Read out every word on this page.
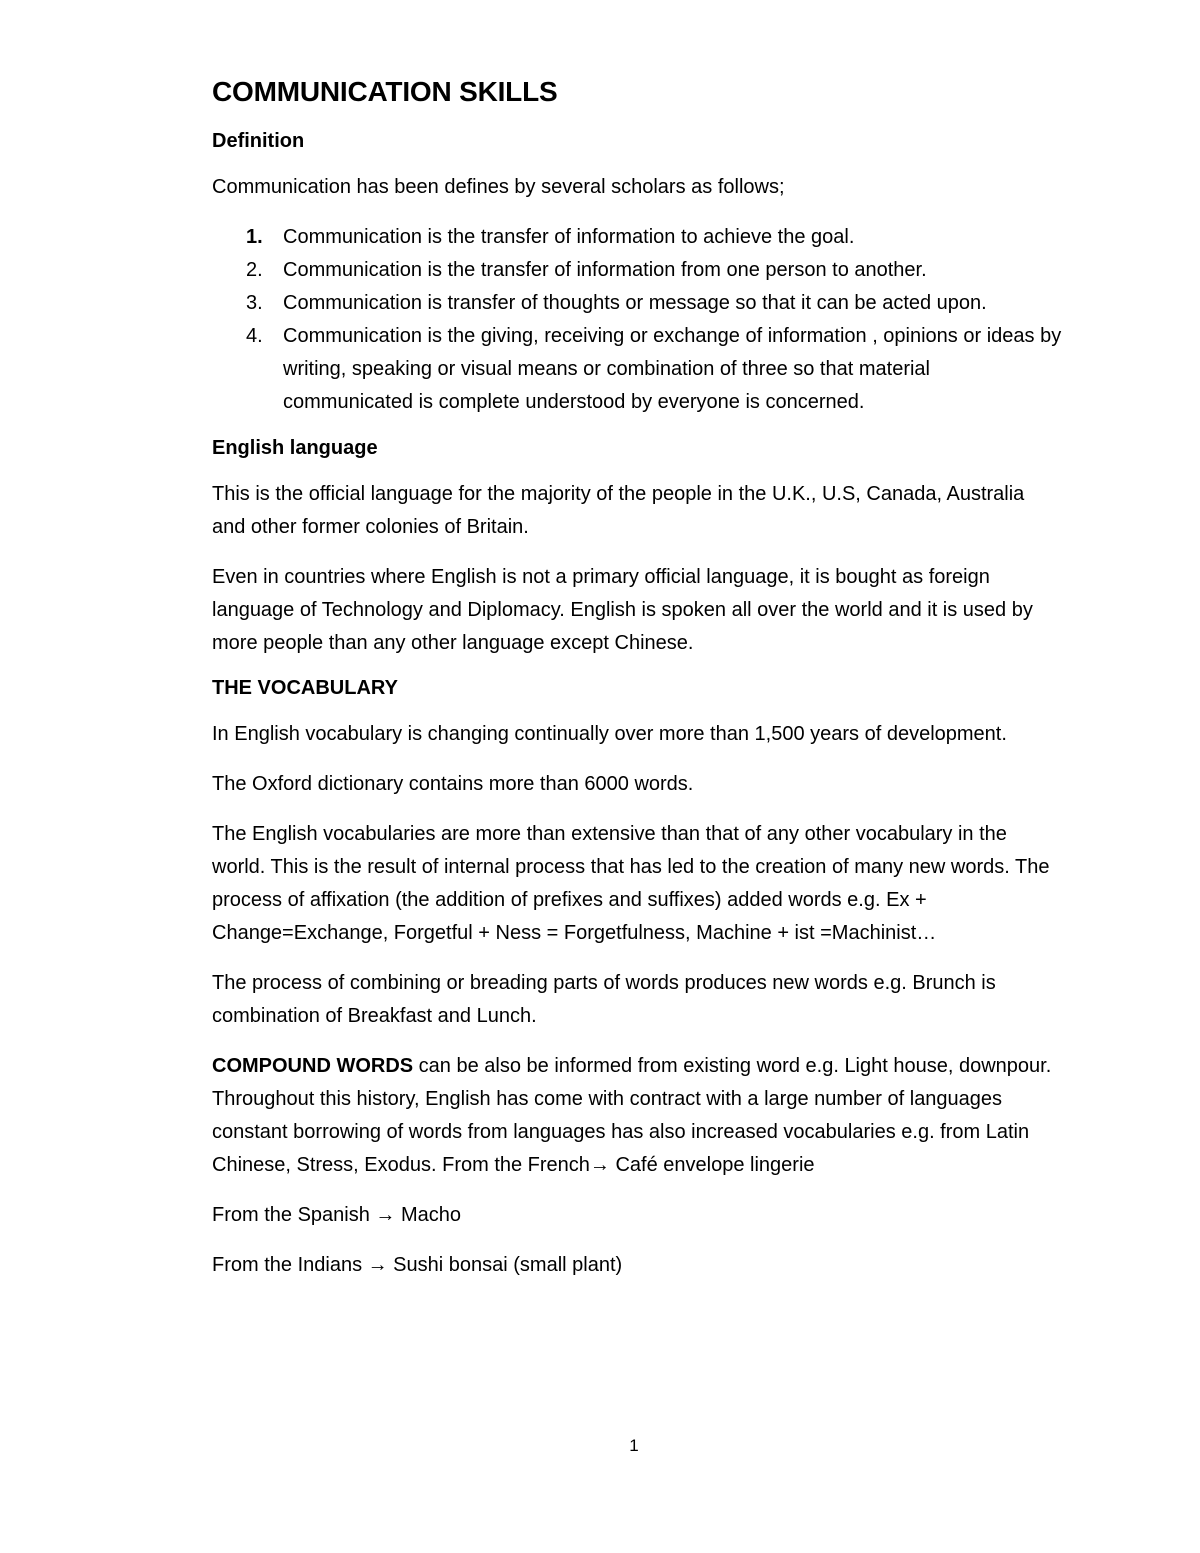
COMMUNICATION SKILLS
Definition
Communication has been defines by several scholars as follows;
1. Communication is the transfer of information to achieve the goal.
2. Communication is the transfer of information from one person to another.
3. Communication is transfer of thoughts or message so that it can be acted upon.
4. Communication is the giving, receiving or exchange of information , opinions or ideas by writing, speaking or visual means or combination of three so that material communicated is complete understood by everyone is concerned.
English language
This is the official language for the majority of the people in the U.K., U.S, Canada, Australia and other former colonies of Britain.
Even in countries where English is not a primary official language, it is bought as foreign language of Technology and Diplomacy. English is spoken all over the world and it is used by more people than any other language except Chinese.
THE VOCABULARY
In English vocabulary is changing continually over more than 1,500 years of development.
The Oxford dictionary contains more than 6000 words.
The English vocabularies are more than extensive than that of any other vocabulary in the world. This is the result of internal process that has led to the creation of many new words. The process of affixation (the addition of prefixes and suffixes) added words e.g. Ex + Change=Exchange, Forgetful + Ness = Forgetfulness, Machine + ist =Machinist…
The process of combining or breading parts of words produces new words e.g. Brunch is combination of Breakfast and Lunch.
COMPOUND WORDS can be also be informed from existing word e.g. Light house, downpour. Throughout this history, English has come with contract with a large number of languages constant borrowing of words from languages has also increased vocabularies e.g. from Latin Chinese, Stress, Exodus. From the French→ Café envelope lingerie
From the Spanish → Macho
From the Indians → Sushi bonsai (small plant)
1
